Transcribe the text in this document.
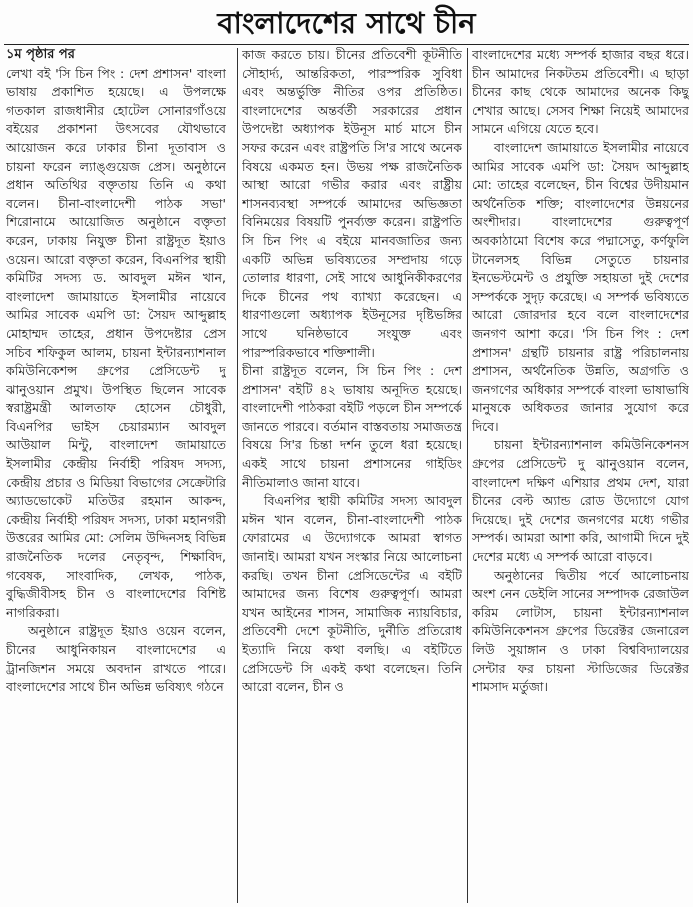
বাংলাদেশের সাথে চীন

১ম পৃষ্ঠার পর

লেখা বই 'সি চিন পিং : দেশ প্রশাসন' বাংলা ভাষায় প্রকাশিত হয়েছে। এ উপলক্ষে গতকাল রাজধানীর হোটেল সোনারগাঁওয়ে বইয়ের প্রকাশনা উৎসবের যৌথভাবে আয়োজন করে ঢাকার চীনা দূতাবাস ও চায়না ফরেন ল্যাঙ্গুয়েজ প্রেস। অনুষ্ঠানে প্রধান অতিথির বক্তৃতায় তিনি এ কথা বলেন। চীনা-বাংলাদেশী পাঠক সভা' শিরোনামে আয়োজিত অনুষ্ঠানে বক্তৃতা করেন, ঢাকায় নিযুক্ত চীনা রাষ্ট্রদূত ইয়াও ওয়েন। আরো বক্তৃতা করেন, বিএনপির স্থায়ী কমিটির সদস্য ড. আবদুল মঈন খান, বাংলাদেশ জামায়াতে ইসলামীর নায়েবে আমির সাবেক এমপি ডা: সৈয়দ আব্দুল্লাহ মোহাম্মদ তাহের, প্রধান উপদেষ্টার প্রেস সচিব শফিকুল আলম, চায়না ইন্টারন্যাশনাল কমিউনিকেশন্স গ্রুপের প্রেসিডেন্ট দু ঝানুওয়ান প্রমুখ। উপস্থিত ছিলেন সাবেক স্বরাষ্ট্রমন্ত্রী আলতাফ হোসেন চৌধুরী, বিএনপির ভাইস চেয়ারম্যান আবদুল আউয়াল মিন্টু, বাংলাদেশ জামায়াতে ইসলামীর কেন্দ্রীয় নির্বাহী পরিষদ সদস্য, কেন্দ্রীয় প্রচার ও মিডিয়া বিভাগের সেক্রেটারি অ্যাডভোকেট মতিউর রহমান আকন্দ, কেন্দ্রীয় নির্বাহী পরিষদ সদস্য, ঢাকা মহানগরী উত্তরের আমির মো: সেলিম উদ্দিনসহ বিভিন্ন রাজনৈতিক দলের নেতৃবৃন্দ, শিক্ষাবিদ, গবেষক, সাংবাদিক, লেখক, পাঠক, বুদ্ধিজীবীসহ চীন ও বাংলাদেশের বিশিষ্ট নাগরিকরা।

অনুষ্ঠানে রাষ্ট্রদূত ইয়াও ওয়েন বলেন, চীনের আধুনিকায়ন বাংলাদেশের এ ট্রানজিশন সময়ে অবদান রাখতে পারে। বাংলাদেশের সাথে চীন অভিন্ন ভবিষ্যৎ গঠনে

কাজ করতে চায়। চীনের প্রতিবেশী কূটনীতি সৌহার্দ্য, আন্তরিকতা, পারস্পরিক সুবিধা এবং অন্তর্ভুক্তি নীতির ওপর প্রতিষ্ঠিত। বাংলাদেশের অন্তর্বর্তী সরকারের প্রধান উপদেষ্টা অধ্যাপক ইউনূস মার্চ মাসে চীন সফর করেন এবং রাষ্ট্রপতি সি'র সাথে অনেক বিষয়ে একমত হন। উভয় পক্ষ রাজনৈতিক আস্থা আরো গভীর করার এবং রাষ্ট্রীয় শাসনব্যবস্থা সম্পর্কে আমাদের অভিজ্ঞতা বিনিময়ের বিষয়টি পুনর্ব্যক্ত করেন। রাষ্ট্রপতি সি চিন পিং এ বইয়ে মানবজাতির জন্য একটি অভিন্ন ভবিষ্যতের সম্প্রদায় গড়ে তোলার ধারণা, সেই সাথে আধুনিকীকরণের দিকে চীনের পথ ব্যাখ্যা করেছেন। এ ধারণাগুলো অধ্যাপক ইউনূসের দৃষ্টিভঙ্গির সাথে ঘনিষ্ঠভাবে সংযুক্ত এবং পারস্পরিকভাবে শক্তিশালী।

চীনা রাষ্ট্রদূত বলেন, সি চিন পিং : দেশ প্রশাসন' বইটি ৪২ ভাষায় অনূদিত হয়েছে। বাংলাদেশী পাঠকরা বইটি পড়লে চীন সম্পর্কে জানতে পারবে। বর্তমান বাস্তবতায় সমাজতন্ত্র বিষয়ে সি'র চিন্তা দর্শন তুলে ধরা হয়েছে। একই সাথে চায়না প্রশাসনের গাইডিং নীতিমালাও জানা যাবে।

বিএনপির স্থায়ী কমিটির সদস্য আবদুল মঈন খান বলেন, চীনা-বাংলাদেশী পাঠক ফোরামের এ উদ্যোগকে আমরা স্বাগত জানাই। আমরা যখন সংস্কার নিয়ে আলোচনা করছি। তখন চীনা প্রেসিডেন্টের এ বইটি আমাদের জন্য বিশেষ গুরুত্বপূর্ণ। আমরা যখন আইনের শাসন, সামাজিক ন্যায়বিচার, প্রতিবেশী দেশে কূটনীতি, দুর্নীতি প্রতিরোধ ইত্যাদি নিয়ে কথা বলছি। এ বইটিতে প্রেসিডেন্ট সি একই কথা বলেছেন। তিনি আরো বলেন, চীন ও

বাংলাদেশের মধ্যে সম্পর্ক হাজার বছর ধরে। চীন আমাদের নিকটতম প্রতিবেশী। এ ছাড়া চীনের কাছ থেকে আমাদের অনেক কিছু শেখার আছে। সেসব শিক্ষা নিয়েই আমাদের সামনে এগিয়ে যেতে হবে।

বাংলাদেশ জামায়াতে ইসলামীর নায়েবে আমির সাবেক এমপি ডা: সৈয়দ আব্দুল্লাহ মো: তাহের বলেছেন, চীন বিশ্বের উদীয়মান অর্থনৈতিক শক্তি; বাংলাদেশের উন্নয়নের অংশীদার। বাংলাদেশের গুরুত্বপূর্ণ অবকাঠামো বিশেষ করে পদ্মাসেতু, কর্ণফুলি টানেলসহ বিভিন্ন সেতুতে চায়নার ইনভেস্টমেন্ট ও প্রযুক্তি সহায়তা দুই দেশের সম্পর্ককে সুদৃঢ় করেছে। এ সম্পর্ক ভবিষ্যতে আরো জোরদার হবে বলে বাংলাদেশের জনগণ আশা করে। 'সি চিন পিং : দেশ প্রশাসন' গ্রন্থটি চায়নার রাষ্ট্র পরিচালনায় প্রশাসন, অর্থনৈতিক উন্নতি, অগ্রগতি ও জনগণের অধিকার সম্পর্কে বাংলা ভাষাভাষি মানুষকে অধিকতর জানার সুযোগ করে দিবে।

চায়না ইন্টারন্যাশনাল কমিউনিকেশনস গ্রুপের প্রেসিডেন্ট দু ঝানুওয়ান বলেন, বাংলাদেশ দক্ষিণ এশিয়ার প্রথম দেশ, যারা চীনের বেল্ট অ্যান্ড রোড উদ্যোগে যোগ দিয়েছে। দুই দেশের জনগণের মধ্যে গভীর সম্পর্ক। আমরা আশা করি, আগামী দিনে দুই দেশের মধ্যে এ সম্পর্ক আরো বাড়বে।

অনুষ্ঠানের দ্বিতীয় পর্বে আলোচনায় অংশ নেন ডেইলি সানের সম্পাদক রেজাউল করিম লোটাস, চায়না ইন্টারন্যাশনাল কমিউনিকেশনস গ্রুপের ডিরেক্টর জেনারেল লিউ সুয়াঙ্গান ও ঢাকা বিশ্ববিদ্যালয়ের সেন্টার ফর চায়না স্টাডিজের ডিরেক্টর শামসাদ মর্তুজা।
